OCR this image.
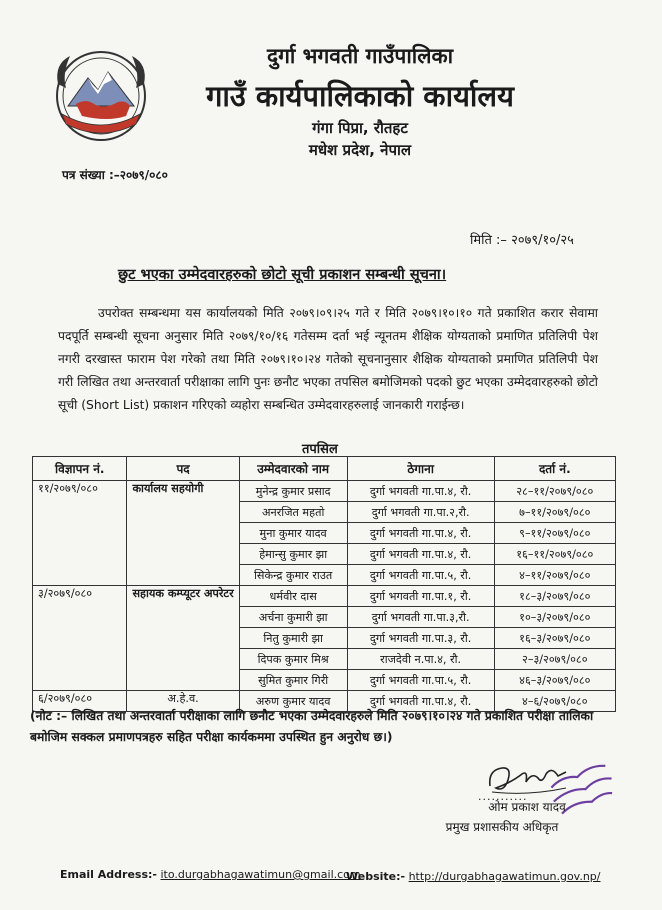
दुर्गा भगवती गाउँपालिका
गाउँ कार्यपालिकाको कार्यालय
गंगा पिप्रा, रौतहट
मधेश प्रदेश, नेपाल
पत्र संख्या :–२०७९/०८०
मिति :– २०७९/१०/२५
छुट भएका उम्मेदवारहरुको छोटो सूची प्रकाशन सम्बन्धी सूचना।

उपरोक्त सम्बन्धमा यस कार्यालयको मिति २०७९।०९।२५ गते र मिति २०७९।१०।१० गते प्रकाशित करार सेवामा पदपूर्ति सम्बन्धी सूचना अनुसार मिति २०७९/१०/१६ गतेसम्म दर्ता भई न्यूनतम शैक्षिक योग्यताको प्रमाणित प्रतिलिपी पेश नगरी दरखास्त फाराम पेश गरेको तथा मिति २०७९।१०।२४ गतेको सूचनानुसार शैक्षिक योग्यताको प्रमाणित प्रतिलिपी पेश गरी लिखित तथा अन्तरवार्ता परीक्षाका लागि पुनः छनौट भएका तपसिल बमोजिमको पदको छुट भएका उम्मेदवारहरुको छोटो सूची (Short List) प्रकाशन गरिएको व्यहोरा सम्बन्धित उम्मेदवारहरुलाई जानकारी गराईन्छ।

तपसिल
विज्ञापन नं.	पद	उम्मेदवारको नाम	ठेगाना	दर्ता नं.
११/२०७९/०८०	कार्यालय सहयोगी	मुनेन्द्र कुमार प्रसाद	दुर्गा भगवती गा.पा.४, रौ.	२८–११/२०७९/०८०
		अनरजित महतो	दुर्गा भगवती गा.पा.२,रौ.	७–११/२०७९/०८०
		मुना कुमार यादव	दुर्गा भगवती गा.पा.४, रौ.	९–११/२०७९/०८०
		हेमान्सु कुमार झा	दुर्गा भगवती गा.पा.४, रौ.	१६–११/२०७९/०८०
		सिकेन्द्र कुमार राउत	दुर्गा भगवती गा.पा.५, रौ.	४–११/२०७९/०८०
३/२०७९/०८०	सहायक कम्प्यूटर अपरेटर	धर्मवीर दास	दुर्गा भगवती गा.पा.१, रौ.	१८–३/२०७९/०८०
		अर्चना कुमारी झा	दुर्गा भगवती गा.पा.३,रौ.	१०–३/२०७९/०८०
		नितु कुमारी झा	दुर्गा भगवती गा.पा.३, रौ.	१६–३/२०७९/०८०
		दिपक कुमार मिश्र	राजदेवी न.पा.४, रौ.	२–३/२०७९/०८०
		सुमित कुमार गिरी	दुर्गा भगवती गा.पा.५, रौ.	४६–३/२०७९/०८०
६/२०७९/०८०	अ.हे.व.	अरुण कुमार यादव	दुर्गा भगवती गा.पा.४, रौ.	४–६/२०७९/०८०

(नोट :– लिखित तथा अन्तरवार्ता परीक्षाका लागि छनौट भएका उम्मेदवारहरुले मिति २०७९।१०।२४ गते प्रकाशित परीक्षा तालिका बमोजिम सक्कल प्रमाणपत्रहरु सहित परीक्षा कार्यकममा उपस्थित हुन अनुरोध छ।)

...........
ओम प्रकाश यादव
प्रमुख प्रशासकीय अधिकृत
Email Address:- ito.durgabhagawatimun@gmail.com
Website:- http://durgabhagawatimun.gov.np/
